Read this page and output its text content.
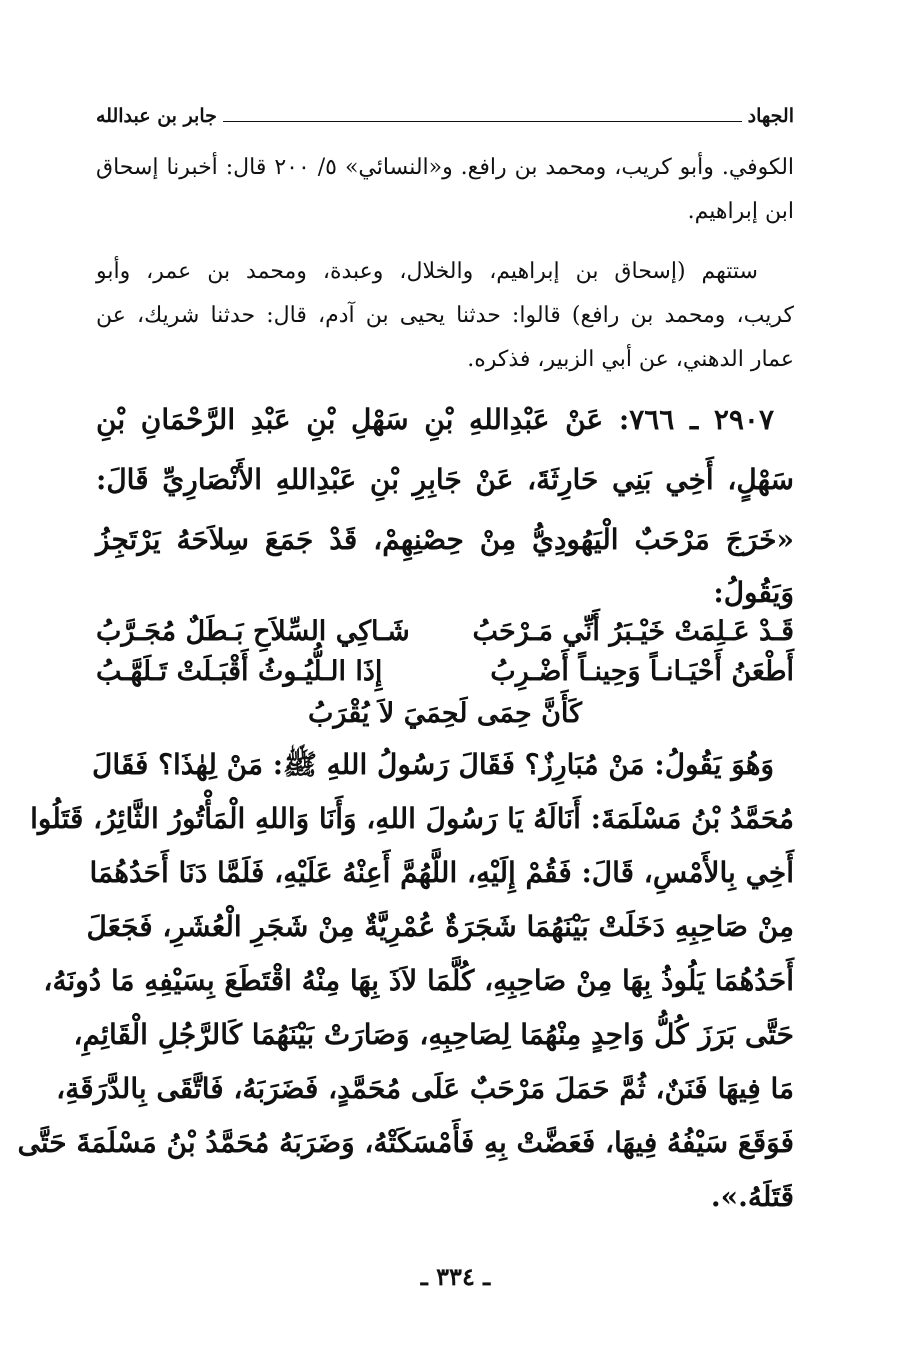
الجهاد
جابر بن عبدالله
الكوفي. وأبو كريب، ومحمد بن رافع. و«النسائي» ٥/ ٢٠٠ قال: أخبرنا إسحاق
ابن إبراهيم.
ستتهم (إسحاق بن إبراهيم، والخلال، وعبدة، ومحمد بن عمر، وأبو
كريب، ومحمد بن رافع) قالوا: حدثنا يحيى بن آدم، قال: حدثنا شريك، عن
عمار الدهني، عن أبي الزبير، فذكره.
٢٩٠٧ ـ ٧٦٦: عَنْ عَبْدِاللهِ بْنِ سَهْلِ بْنِ عَبْدِ الرَّحْمَانِ بْنِ
سَهْلٍ، أَخِي بَنِي حَارِثَةَ، عَنْ جَابِرِ بْنِ عَبْدِاللهِ الأَنْصَارِيِّ قَالَ:
«خَرَجَ مَرْحَبٌ الْيَهُودِيُّ مِنْ حِصْنِهِمْ، قَدْ جَمَعَ سِلاَحَهُ يَرْتَجِزُ
وَيَقُولُ:
قَـدْ عَـلِمَتْ خَيْـبَرُ أَنِّي مَـرْحَبُ
شَـاكِي السِّلاَحِ بَـطَلٌ مُجَـرَّبُ
أَطْعَنُ أَحْيَـانـاً وَحِينـاً أَضْـرِبُ
إِذَا الـلُّيُـوثُ أَقْبَـلَتْ تَـلَهَّـبُ
كَأَنَّ حِمَى لَحِمَيَ لاَ يُقْرَبُ
وَهُوَ يَقُولُ: مَنْ مُبَارِزٌ؟ فَقَالَ رَسُولُ اللهِ ﷺ: مَنْ لِهٰذَا؟ فَقَالَ
مُحَمَّدُ بْنُ مَسْلَمَةَ: أَنَالَهُ يَا رَسُولَ اللهِ، وَأَنَا وَاللهِ الْمَأْتُورُ الثَّائِرُ، قَتَلُوا
أَخِي بِالأَمْسِ، قَالَ: فَقُمْ إِلَيْهِ، اللَّهُمَّ أَعِنْهُ عَلَيْهِ، فَلَمَّا دَنَا أَحَدُهُمَا
مِنْ صَاحِبِهِ دَخَلَتْ بَيْنَهُمَا شَجَرَةٌ عُمْرِيَّةٌ مِنْ شَجَرِ الْعُشَرِ، فَجَعَلَ
أَحَدُهُمَا يَلُوذُ بِهَا مِنْ صَاحِبِهِ، كُلَّمَا لاَذَ بِهَا مِنْهُ اقْتَطَعَ بِسَيْفِهِ مَا دُونَهُ،
حَتَّى بَرَزَ كُلُّ وَاحِدٍ مِنْهُمَا لِصَاحِبِهِ، وَصَارَتْ بَيْنَهُمَا كَالرَّجُلِ الْقَائِمِ،
مَا فِيهَا فَنَنٌ، ثُمَّ حَمَلَ مَرْحَبٌ عَلَى مُحَمَّدٍ، فَضَرَبَهُ، فَاتَّقَى بِالدَّرَقَةِ،
فَوَقَعَ سَيْفُهُ فِيهَا، فَعَضَّتْ بِهِ فَأَمْسَكَتْهُ، وَضَرَبَهُ مُحَمَّدُ بْنُ مَسْلَمَةَ حَتَّى
قَتَلَهُ.».
ـ ٣٣٤ ـ
